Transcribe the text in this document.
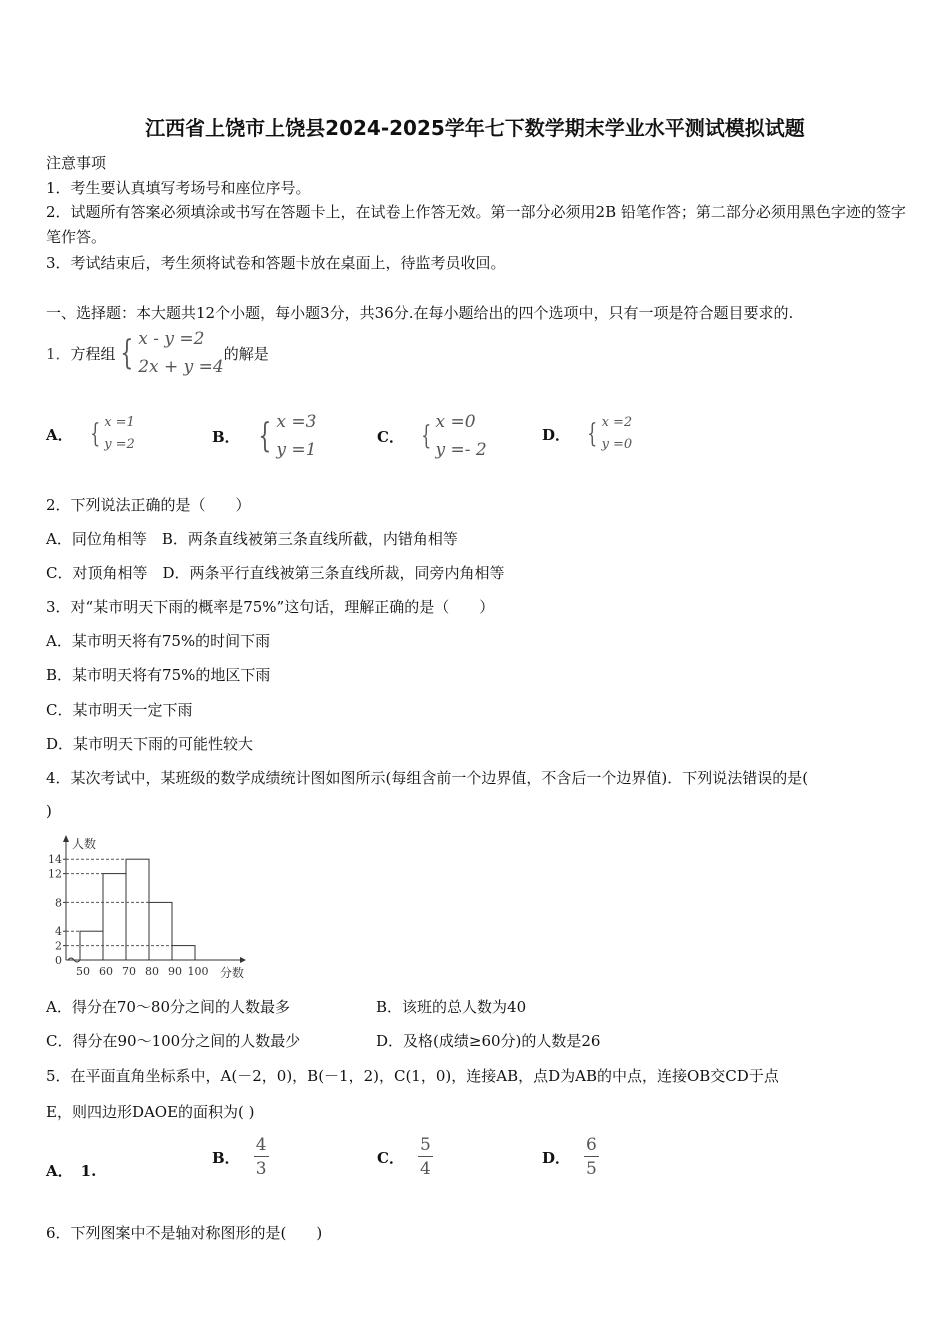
江西省上饶市上饶县2024-2025学年七下数学期末学业水平测试模拟试题
注意事项
1．考生要认真填写考场号和座位序号。
2．试题所有答案必须填涂或书写在答题卡上，在试卷上作答无效。第一部分必须用2B 铅笔作答；第二部分必须用黑色字迹的签字笔作答。
3．考试结束后，考生须将试卷和答题卡放在桌面上，待监考员收回。
一、选择题：本大题共12个小题，每小题3分，共36分.在每小题给出的四个选项中，只有一项是符合题目要求的.
1．方程组 { x - y =2
2x + y =4
的解是
A． { x =1
y =2	B． { x =3
y =1
C． { x =0
y =- 2
D． { x =2
y =0
2．下列说法正确的是（　　）
A．同位角相等　B．两条直线被第三条直线所截，内错角相等
C．对顶角相等　D．两条平行直线被第三条直线所裁，同旁内角相等
3．对“某市明天下雨的概率是75%”这句话，理解正确的是（　　）
A．某市明天将有75%的时间下雨
B．某市明天将有75%的地区下雨
C．某市明天一定下雨
D．某市明天下雨的可能性较大
4．某次考试中，某班级的数学成绩统计图如图所示(每组含前一个边界值，不含后一个边界值)．下列说法错误的是(
)
人数
分数
0
2
4
8
12
14
50 60 70 80 90 100
A．得分在70～80分之间的人数最多	B．该班的总人数为40
C．得分在90～100分之间的人数最少	D．及格(成绩≥60分)的人数是26
5．在平面直角坐标系中，A(－2，0)，B(－1，2)，C(1，0)，连接AB，点D为AB的中点，连接OB交CD于点
E，则四边形DAOE的面积为( )
A． 1.
B． $\frac{4}{3}$	C． $\frac{5}{4}$	D． $\frac{6}{5}$
6．下列图案中不是轴对称图形的是(　　)
